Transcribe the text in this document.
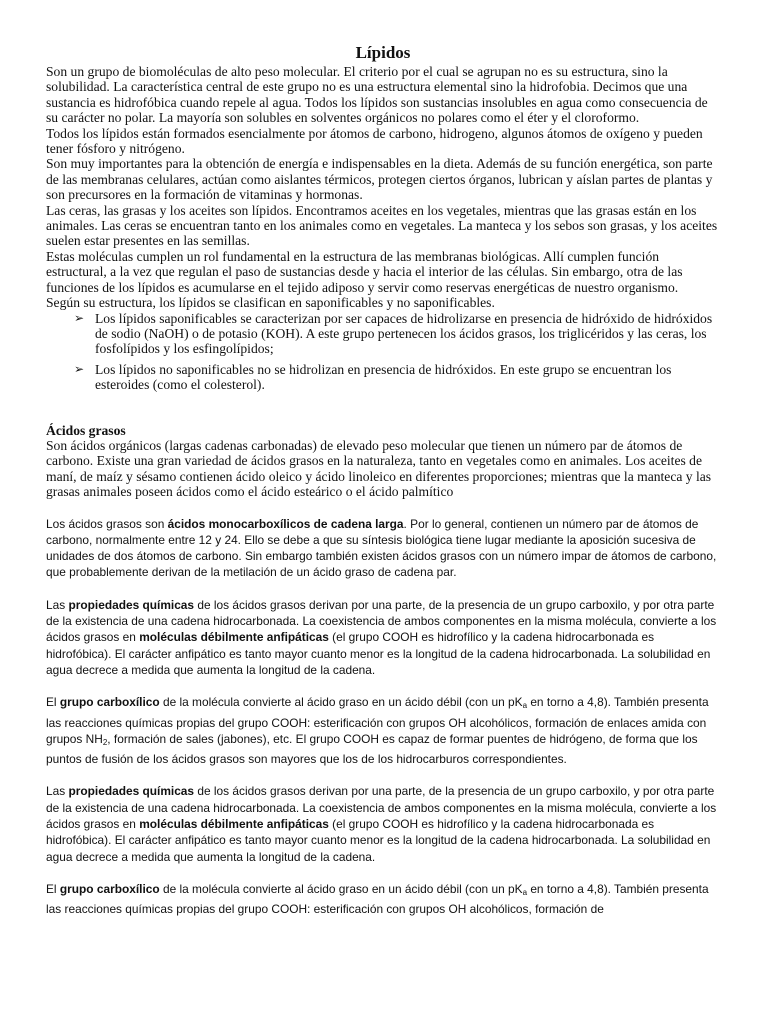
Lípidos

Son un grupo de biomoléculas de alto peso molecular. El criterio por el cual se agrupan no es su estructura, sino la solubilidad. La característica central de este grupo no es una estructura elemental sino la hidrofobia. Decimos que una sustancia es hidrofóbica cuando repele al agua. Todos los lípidos son sustancias insolubles en agua como consecuencia de su carácter no polar. La mayoría son solubles en solventes orgánicos no polares como el éter y el cloroformo.

Todos los lípidos están formados esencialmente por átomos de carbono, hidrogeno, algunos átomos de oxígeno y pueden tener fósforo y nitrógeno.

Son muy importantes para la obtención de energía e indispensables en la dieta. Además de su función energética, son parte de las membranas celulares, actúan como aislantes térmicos, protegen ciertos órganos, lubrican y aíslan partes de plantas y son precursores en la formación de vitaminas y hormonas.

Las ceras, las grasas y los aceites son lípidos. Encontramos aceites en los vegetales, mientras que las grasas están en los animales. Las ceras se encuentran tanto en los animales como en vegetales. La manteca y los sebos son grasas, y los aceites suelen estar presentes en las semillas.

Estas moléculas cumplen un rol fundamental en la estructura de las membranas biológicas. Allí cumplen función estructural, a la vez que regulan el paso de sustancias desde y hacia el interior de las células. Sin embargo, otra de las funciones de los lípidos es acumularse en el tejido adiposo y servir como reservas energéticas de nuestro organismo.

Según su estructura, los lípidos se clasifican en saponificables y no saponificables.

➢ Los lípidos saponificables se caracterizan por ser capaces de hidrolizarse en presencia de hidróxido de hidróxidos de sodio (NaOH) o de potasio (KOH). A este grupo pertenecen los ácidos grasos, los triglicéridos y las ceras, los fosfolípidos y los esfingolípidos;
➢ Los lípidos no saponificables no se hidrolizan en presencia de hidróxidos. En este grupo se encuentran los esteroides (como el colesterol).
Ácidos grasos

Son ácidos orgánicos (largas cadenas carbonadas) de elevado peso molecular que tienen un número par de átomos de carbono. Existe una gran variedad de ácidos grasos en la naturaleza, tanto en vegetales como en animales. Los aceites de maní, de maíz y sésamo contienen ácido oleico y ácido linoleico en diferentes proporciones; mientras que la manteca y las grasas animales poseen ácidos como el ácido esteárico o el ácido palmítico

Los ácidos grasos son ácidos monocarboxílicos de cadena larga. Por lo general, contienen un número par de átomos de carbono, normalmente entre 12 y 24. Ello se debe a que su síntesis biológica tiene lugar mediante la aposición sucesiva de unidades de dos átomos de carbono. Sin embargo también existen ácidos grasos con un número impar de átomos de carbono, que probablemente derivan de la metilación de un ácido graso de cadena par.

Las propiedades químicas de los ácidos grasos derivan por una parte, de la presencia de un grupo carboxilo, y por otra parte de la existencia de una cadena hidrocarbonada. La coexistencia de ambos componentes en la misma molécula, convierte a los ácidos grasos en moléculas débilmente anfipáticas (el grupo COOH es hidrofílico y la cadena hidrocarbonada es hidrofóbica). El carácter anfipático es tanto mayor cuanto menor es la longitud de la cadena hidrocarbonada. La solubilidad en agua decrece a medida que aumenta la longitud de la cadena.

El grupo carboxílico de la molécula convierte al ácido graso en un ácido débil (con un $pK_a$ en torno a 4,8). También presenta las reacciones químicas propias del grupo COOH: esterificación con grupos OH alcohólicos, formación de enlaces amida con grupos $NH_2$, formación de sales (jabones), etc. El grupo COOH es capaz de formar puentes de hidrógeno, de forma que los puntos de fusión de los ácidos grasos son mayores que los de los hidrocarburos correspondientes.

Las propiedades químicas de los ácidos grasos derivan por una parte, de la presencia de un grupo carboxilo, y por otra parte de la existencia de una cadena hidrocarbonada. La coexistencia de ambos componentes en la misma molécula, convierte a los ácidos grasos en moléculas débilmente anfipáticas (el grupo COOH es hidrofílico y la cadena hidrocarbonada es hidrofóbica). El carácter anfipático es tanto mayor cuanto menor es la longitud de la cadena hidrocarbonada. La solubilidad en agua decrece a medida que aumenta la longitud de la cadena.

El grupo carboxílico de la molécula convierte al ácido graso en un ácido débil (con un $pK_a$ en torno a 4,8). También presenta las reacciones químicas propias del grupo COOH: esterificación con grupos OH alcohólicos, formación de
